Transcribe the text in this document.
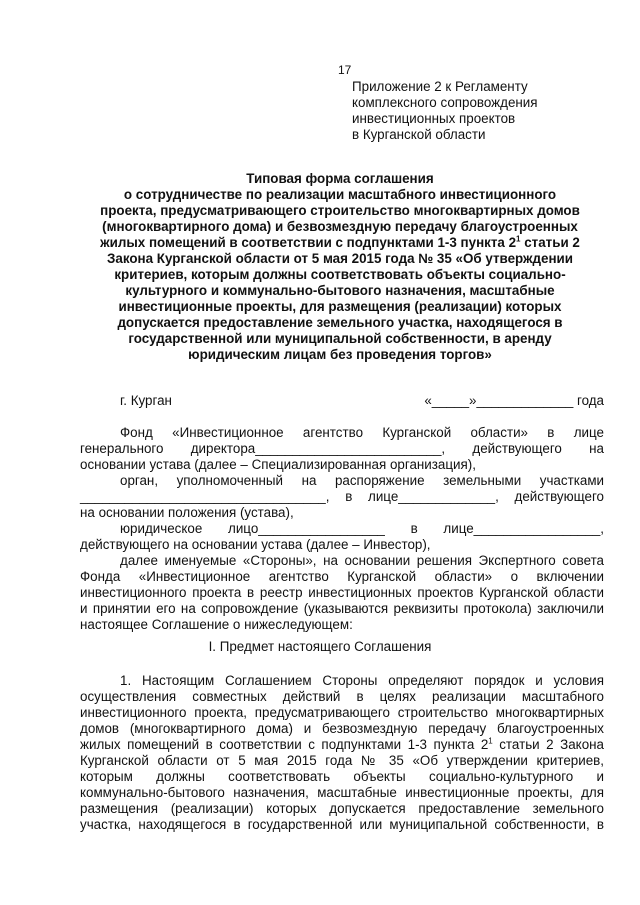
17
Приложение 2 к Регламенту
комплексного сопровождения
инвестиционных проектов
в Курганской области
Типовая форма соглашения
о сотрудничестве по реализации масштабного инвестиционного
проекта, предусматривающего строительство многоквартирных домов
(многоквартирного дома) и безвозмездную передачу благоустроенных
жилых помещений в соответствии с подпунктами 1-3 пункта $2^1$ статьи 2
Закона Курганской области от 5 мая 2015 года № 35 «Об утверждении
критериев, которым должны соответствовать объекты социально-
культурного и коммунально-бытового назначения, масштабные
инвестиционные проекты, для размещения (реализации) которых
допускается предоставление земельного участка, находящегося в
государственной или муниципальной собственности, в аренду
юридическим лицам без проведения торгов»
г. Курган	«_____»_____________ года
Фонд «Инвестиционное агентство Курганской области» в лице
генерального директора_________________________, действующего на
основании устава (далее – Специализированная организация),
орган, уполномоченный на распоряжение земельными участками
_________________________________, в лице_____________, действующего
на основании положения (устава),
юридическое лицо_________________ в лице_________________,
действующего на основании устава (далее – Инвестор),
далее именуемые «Стороны», на основании решения Экспертного совета
Фонда «Инвестиционное агентство Курганской области» о включении
инвестиционного проекта в реестр инвестиционных проектов Курганской области
и принятии его на сопровождение (указываются реквизиты протокола) заключили
настоящее Соглашение о нижеследующем:
I. Предмет настоящего Соглашения
1. Настоящим Соглашением Стороны определяют порядок и условия
осуществления совместных действий в целях реализации масштабного
инвестиционного проекта, предусматривающего строительство многоквартирных
домов (многоквартирного дома) и безвозмездную передачу благоустроенных
жилых помещений в соответствии с подпунктами 1-3 пункта $2^1$ статьи 2 Закона
Курганской области от 5 мая 2015 года № 35 «Об утверждении критериев,
которым должны соответствовать объекты социально-культурного и
коммунально-бытового назначения, масштабные инвестиционные проекты, для
размещения (реализации) которых допускается предоставление земельного
участка, находящегося в государственной или муниципальной собственности, в
